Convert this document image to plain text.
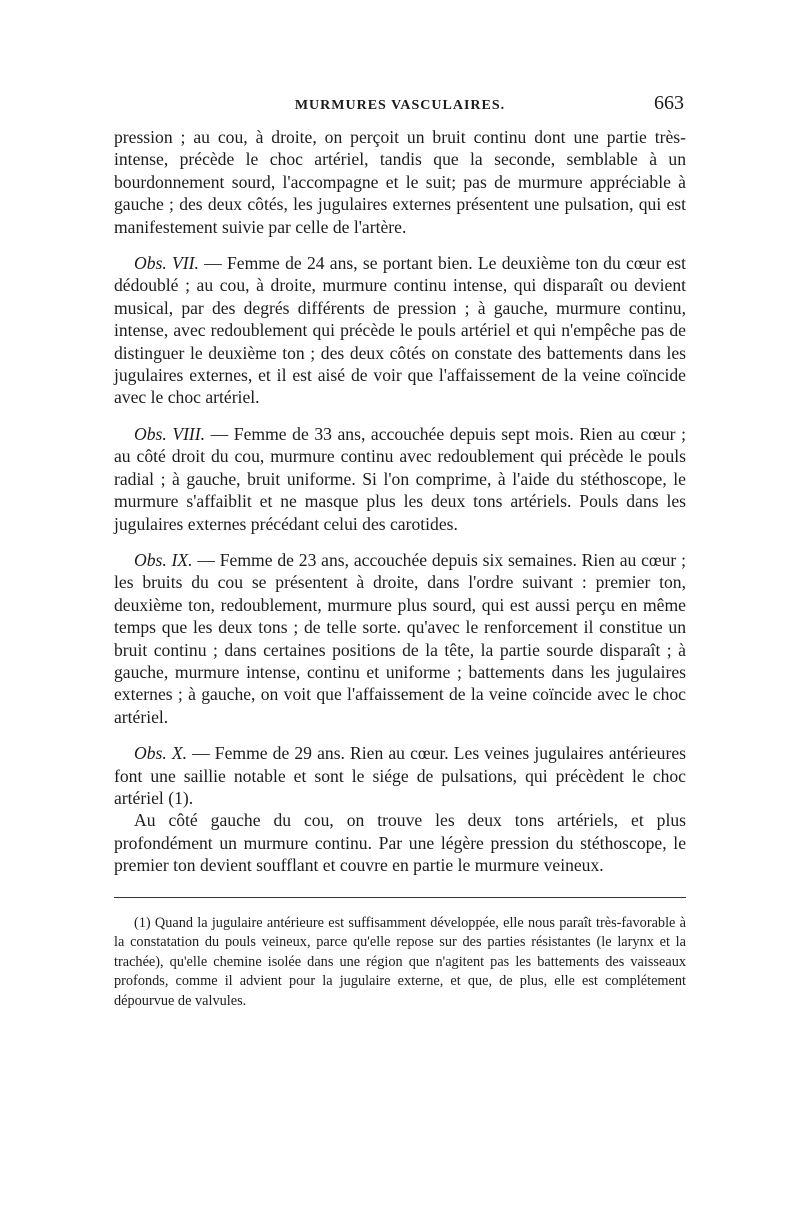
MURMURES VASCULAIRES.	663

pression ; au cou, à droite, on perçoit un bruit continu dont une partie très-intense, précède le choc artériel, tandis que la seconde, semblable à un bourdonnement sourd, l'accompagne et le suit; pas de murmure appréciable à gauche ; des deux côtés, les jugulaires externes présentent une pulsation, qui est manifestement suivie par celle de l'artère.

Obs. VII. — Femme de 24 ans, se portant bien. Le deuxième ton du cœur est dédoublé ; au cou, à droite, murmure continu intense, qui disparaît ou devient musical, par des degrés différents de pression ; à gauche, murmure continu, intense, avec redoublement qui précède le pouls artériel et qui n'empêche pas de distinguer le deuxième ton ; des deux côtés on constate des battements dans les jugulaires externes, et il est aisé de voir que l'affaissement de la veine coïncide avec le choc artériel.

Obs. VIII. — Femme de 33 ans, accouchée depuis sept mois. Rien au cœur ; au côté droit du cou, murmure continu avec redoublement qui précède le pouls radial ; à gauche, bruit uniforme. Si l'on comprime, à l'aide du stéthoscope, le murmure s'affaiblit et ne masque plus les deux tons artériels. Pouls dans les jugulaires externes précédant celui des carotides.

Obs. IX. — Femme de 23 ans, accouchée depuis six semaines. Rien au cœur ; les bruits du cou se présentent à droite, dans l'ordre suivant : premier ton, deuxième ton, redoublement, murmure plus sourd, qui est aussi perçu en même temps que les deux tons ; de telle sorte. qu'avec le renforcement il constitue un bruit continu ; dans certaines positions de la tête, la partie sourde disparaît ; à gauche, murmure intense, continu et uniforme ; battements dans les jugulaires externes ; à gauche, on voit que l'affaissement de la veine coïncide avec le choc artériel.

Obs. X. — Femme de 29 ans. Rien au cœur. Les veines jugulaires antérieures font une saillie notable et sont le siége de pulsations, qui précèdent le choc artériel (1).

Au côté gauche du cou, on trouve les deux tons artériels, et plus profondément un murmure continu. Par une légère pression du stéthoscope, le premier ton devient soufflant et couvre en partie le murmure veineux.

(1) Quand la jugulaire antérieure est suffisamment développée, elle nous paraît très-favorable à la constatation du pouls veineux, parce qu'elle repose sur des parties résistantes (le larynx et la trachée), qu'elle chemine isolée dans une région que n'agitent pas les battements des vaisseaux profonds, comme il advient pour la jugulaire externe, et que, de plus, elle est complétement dépourvue de valvules.
